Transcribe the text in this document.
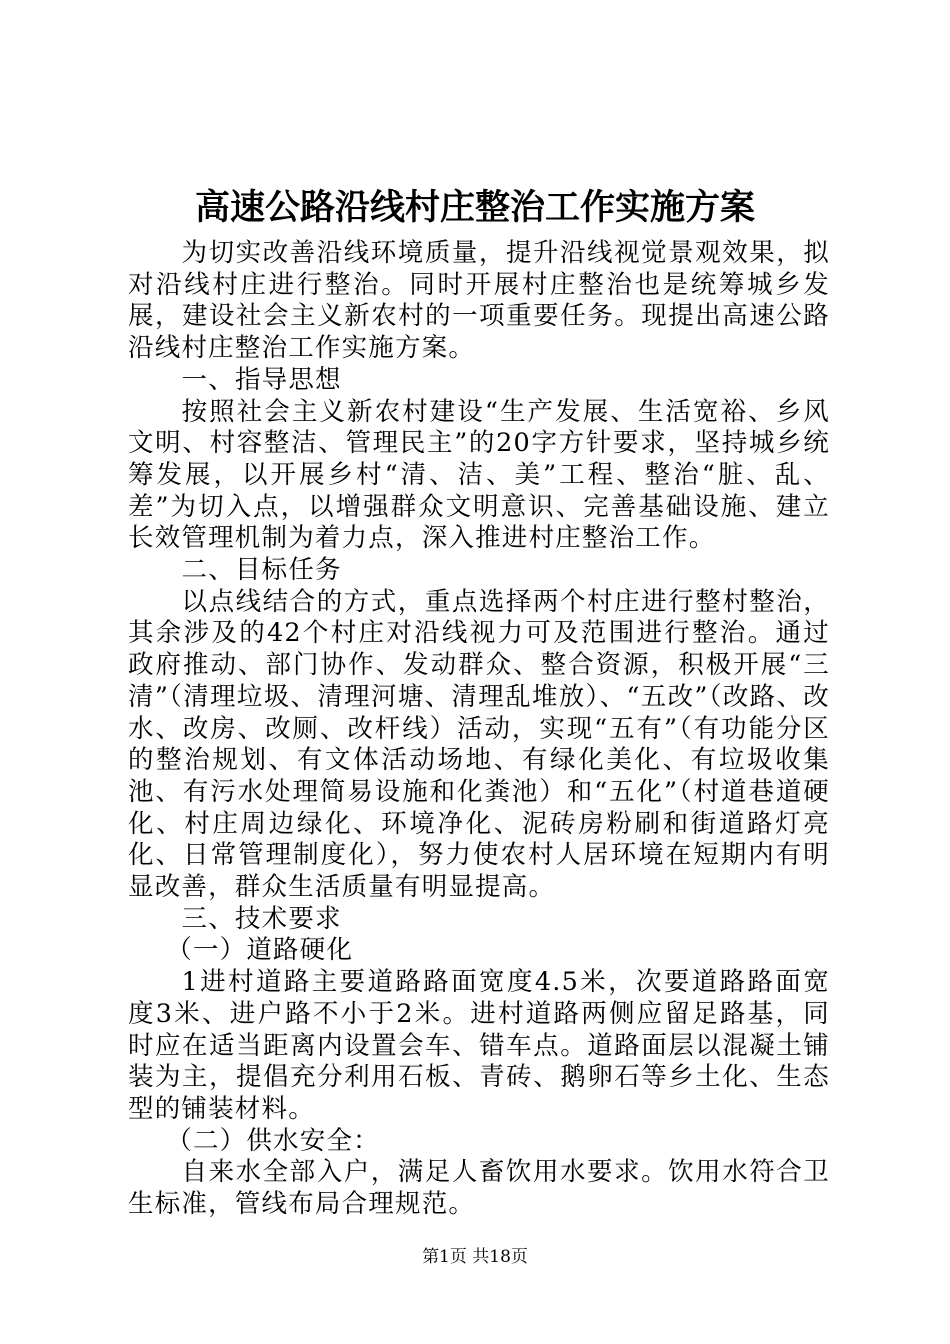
高速公路沿线村庄整治工作实施方案

为切实改善沿线环境质量，提升沿线视觉景观效果，拟对沿线村庄进行整治。同时开展村庄整治也是统筹城乡发展，建设社会主义新农村的一项重要任务。现提出高速公路沿线村庄整治工作实施方案。

一、指导思想

按照社会主义新农村建设“生产发展、生活宽裕、乡风文明、村容整洁、管理民主”的20字方针要求，坚持城乡统筹发展，以开展乡村“清、洁、美”工程、整治“脏、乱、差”为切入点，以增强群众文明意识、完善基础设施、建立长效管理机制为着力点，深入推进村庄整治工作。

二、目标任务

以点线结合的方式，重点选择两个村庄进行整村整治，其余涉及的42个村庄对沿线视力可及范围进行整治。通过政府推动、部门协作、发动群众、整合资源，积极开展“三清”（清理垃圾、清理河塘、清理乱堆放）、“五改”（改路、改水、改房、改厕、改杆线）活动，实现“五有”（有功能分区的整治规划、有文体活动场地、有绿化美化、有垃圾收集池、有污水处理简易设施和化粪池）和“五化”（村道巷道硬化、村庄周边绿化、环境净化、泥砖房粉刷和街道路灯亮化、日常管理制度化），努力使农村人居环境在短期内有明显改善，群众生活质量有明显提高。

三、技术要求

（一）道路硬化

1进村道路主要道路路面宽度4.5米，次要道路路面宽度3米、进户路不小于2米。进村道路两侧应留足路基，同时应在适当距离内设置会车、错车点。道路面层以混凝土铺装为主，提倡充分利用石板、青砖、鹅卵石等乡土化、生态型的铺装材料。

（二）供水安全：

自来水全部入户，满足人畜饮用水要求。饮用水符合卫生标准，管线布局合理规范。

第1页 共18页
